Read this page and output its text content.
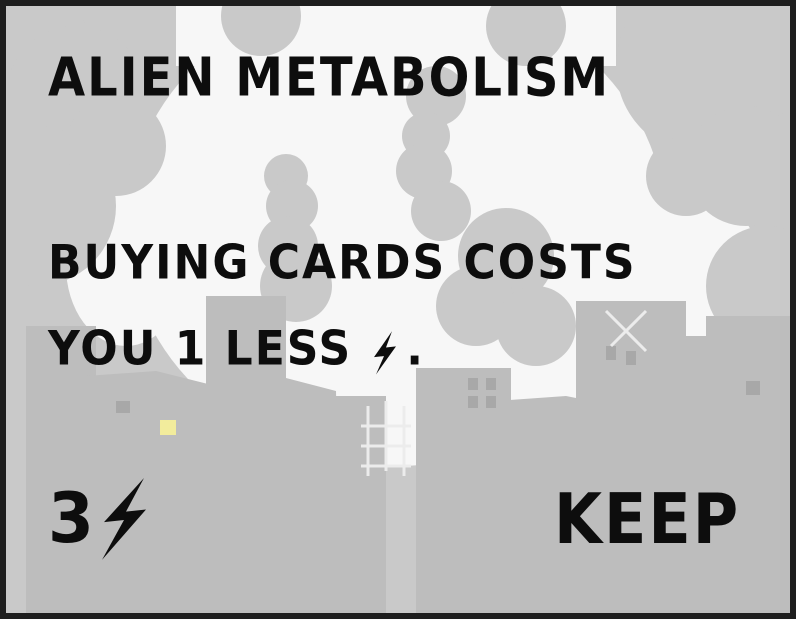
ALIEN METABOLISM
BUYING CARDS COSTS
YOU 1 LESS .
3	KEEP
